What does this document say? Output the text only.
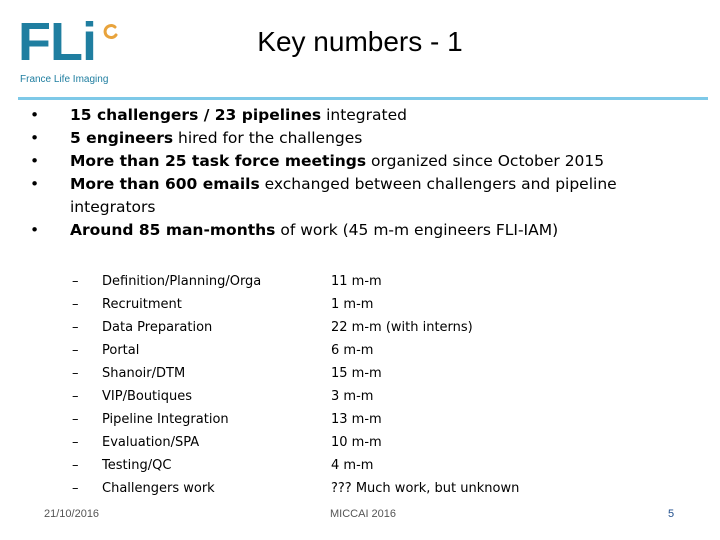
FLi
France Life Imaging
Key numbers - 1
• 15 challengers / 23 pipelines integrated
• 5 engineers hired for the challenges
• More than 25 task force meetings organized since October 2015
• More than 600 emails exchanged between challengers and pipeline integrators
• Around 85 man-months of work (45 m-m engineers FLI-IAM)
– Definition/Planning/Orga	11 m-m
– Recruitment	1 m-m
– Data Preparation	22 m-m (with interns)
– Portal	6 m-m
– Shanoir/DTM	15 m-m
– VIP/Boutiques	3 m-m
– Pipeline Integration	13 m-m
– Evaluation/SPA	10 m-m
– Testing/QC	4 m-m
– Challengers work	??? Much work, but unknown
21/10/2016	MICCAI 2016	5
